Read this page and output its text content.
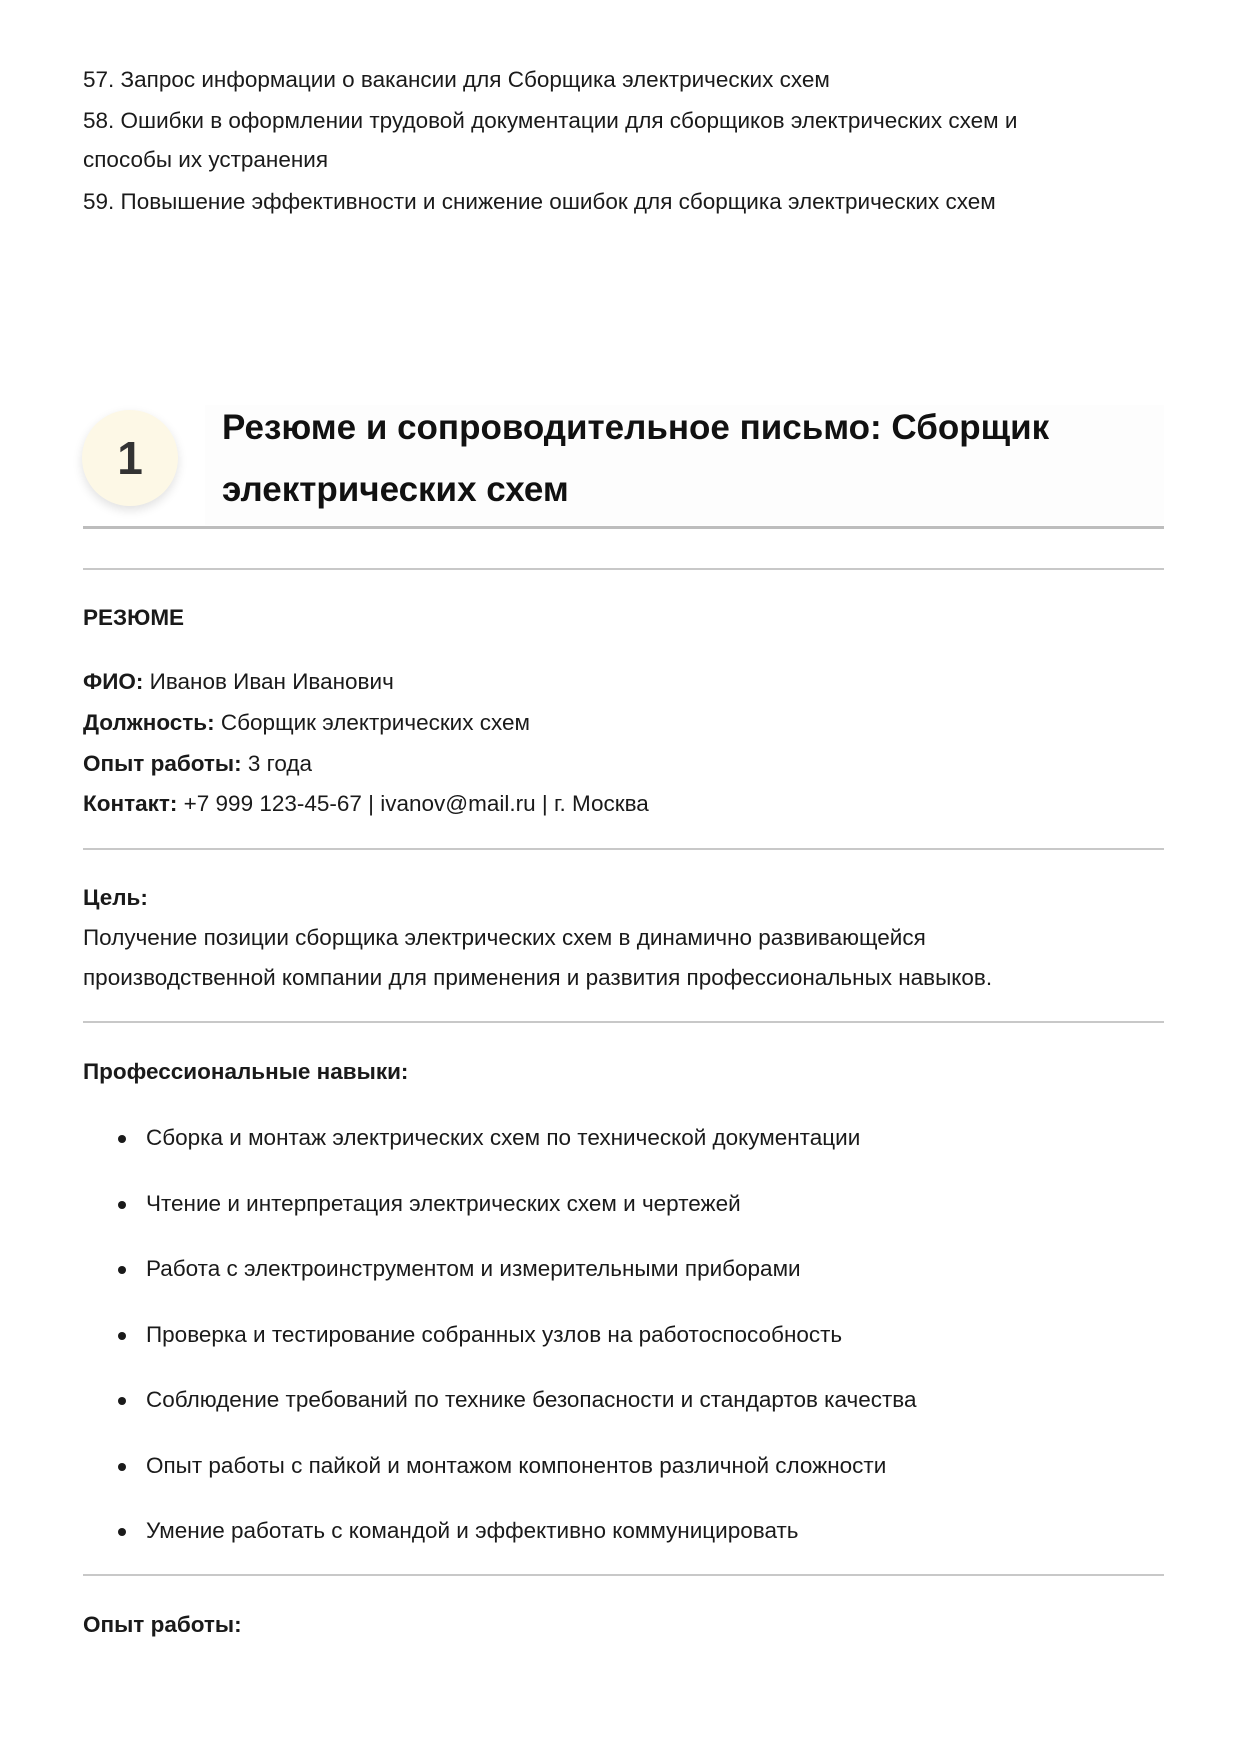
57. Запрос информации о вакансии для Сборщика электрических схем
58. Ошибки в оформлении трудовой документации для сборщиков электрических схем и
способы их устранения
59. Повышение эффективности и снижение ошибок для сборщика электрических схем
1
Резюме и сопроводительное письмо: Сборщик
электрических схем
РЕЗЮМЕ
ФИО: Иванов Иван Иванович
Должность: Сборщик электрических схем
Опыт работы: 3 года
Контакт: +7 999 123-45-67 | ivanov@mail.ru | г. Москва
Цель:
Получение позиции сборщика электрических схем в динамично развивающейся
производственной компании для применения и развития профессиональных навыков.
Профессиональные навыки:
Сборка и монтаж электрических схем по технической документации
Чтение и интерпретация электрических схем и чертежей
Работа с электроинструментом и измерительными приборами
Проверка и тестирование собранных узлов на работоспособность
Соблюдение требований по технике безопасности и стандартов качества
Опыт работы с пайкой и монтажом компонентов различной сложности
Умение работать с командой и эффективно коммуницировать
Опыт работы:
